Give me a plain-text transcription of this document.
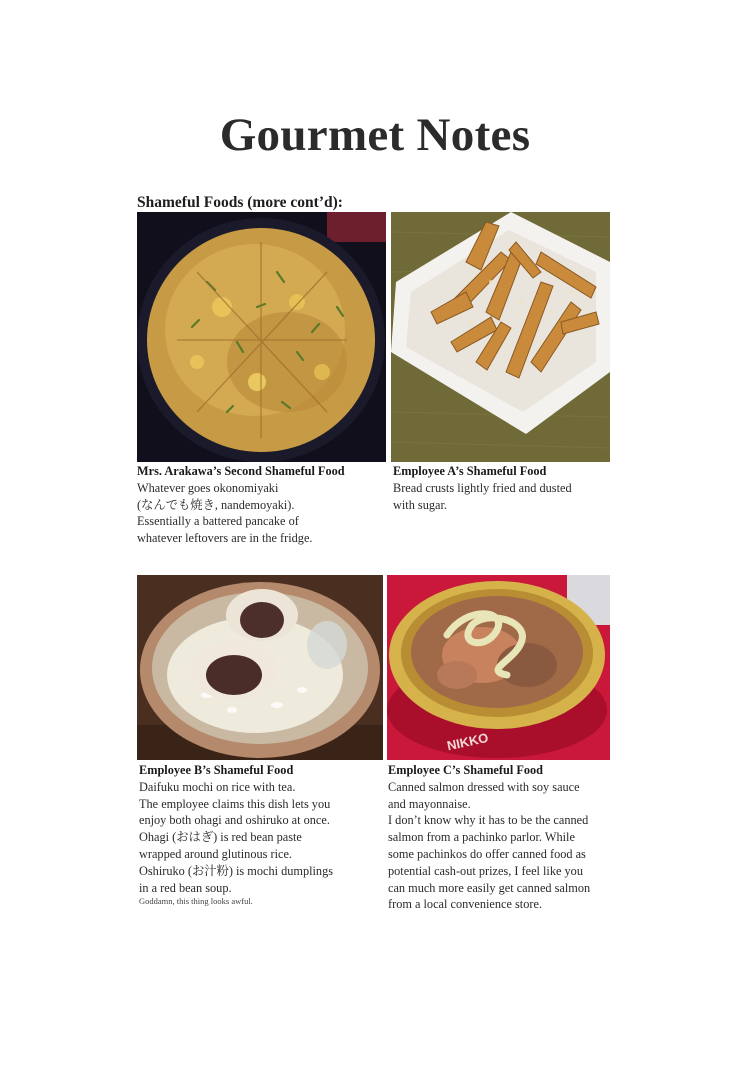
Gourmet Notes
Shameful Foods (more cont’d):
NIKKO

Mrs. Arakawa’s Second Shameful Food

Whatever goes okonomiyaki

(なんでも焼き, nandemoyaki).

Essentially a battered pancake of

whatever leftovers are in the fridge.

Employee A’s Shameful Food

Bread crusts lightly fried and dusted

with sugar.

Employee B’s Shameful Food

Daifuku mochi on rice with tea.

The employee claims this dish lets you

enjoy both ohagi and oshiruko at once.

Ohagi (おはぎ) is red bean paste

wrapped around glutinous rice.

Oshiruko (お汁粉) is mochi dumplings

in a red bean soup.

Goddamn, this thing looks awful.

Employee C’s Shameful Food

Canned salmon dressed with soy sauce

and mayonnaise.

I don’t know why it has to be the canned

salmon from a pachinko parlor. While

some pachinkos do offer canned food as

potential cash-out prizes, I feel like you

can much more easily get canned salmon

from a local convenience store.
